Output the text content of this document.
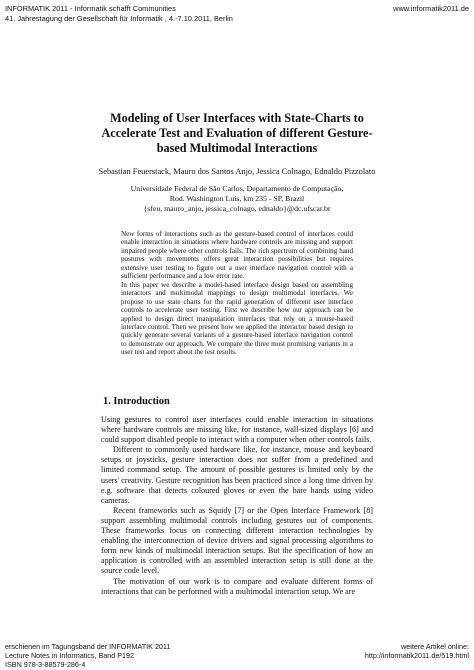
INFORMATIK 2011 - Informatik schafft Communities
41. Jahrestagung der Gesellschaft für Informatik , 4.-7.10.2011, Berlin
www.informatik2011.de
Modeling of User Interfaces with State-Charts to
Accelerate Test and Evaluation of different Gesture-
based Multimodal Interactions
Sebastian Feuerstack, Mauro dos Santos Anjo, Jessica Colnago, Ednaldo Pizzolato
Universidade Federal de São Carlos, Departamento de Computação,
Rod. Washington Luis, km 235 - SP, Brazil
{sfeu, mauro_anjo, jessica_colnago, ednaldo}@dc.ufscar.br
New forms of interactions such as the gesture-based control of interfaces could enable interaction in situations where hardware controls are missing and support impaired people where other controls fails. The rich spectrum of combining hand postures with movements offers great interaction possibilities but requires extensive user testing to figure out a user interface navigation control with a sufficient performance and a low error rate.
In this paper we describe a model-based interface design based on assembling interactors and multimodal mappings to design multimodal interfaces. We propose to use state charts for the rapid generation of different user interface controls to accelerate user testing. First we describe how our approach can be applied to design direct manipulation interfaces that rely on a mouse-based interface control. Then we present how we applied the interactor based design to quickly generate several variants of a gesture-based interface navigation control to demonstrate our approach. We compare the three most promising variants in a user test and report about the test results.
1. Introduction

Using gestures to control user interfaces could enable interaction in situations where hardware controls are missing like, for instance, wall-sized displays [6] and could support disabled people to interact with a computer when other controls fails.

Different to commonly used hardware like, for instance, mouse and keyboard setups or joysticks, gesture interaction does not suffer from a predefined and limited command setup. The amount of possible gestures is limited only by the users' creativity. Gesture recognition has been practiced since a long time driven by e.g. software that detects coloured gloves or even the bare hands using video cameras.

Recent frameworks such as Squidy [7] or the Open Interface Framework [8] support assembling multimodal controls including gestures out of components. These frameworks focus on connecting different interaction technologies by enabling the interconnection of device drivers and signal processing algorithms to form new kinds of multimodal interaction setups. But the specification of how an application is controlled with an assembled interaction setup is still done at the source code level.

The motivation of our work is to compare and evaluate different forms of interactions that can be performed with a multimodal interaction setup. We are

erschienen im Tagungsband der INFORMATIK 2011
Lecture Notes in Informatics, Band P192
ISBN 978-3-88579-286-4
weitere Artikel online:
http://informatik2011.de/519.html
